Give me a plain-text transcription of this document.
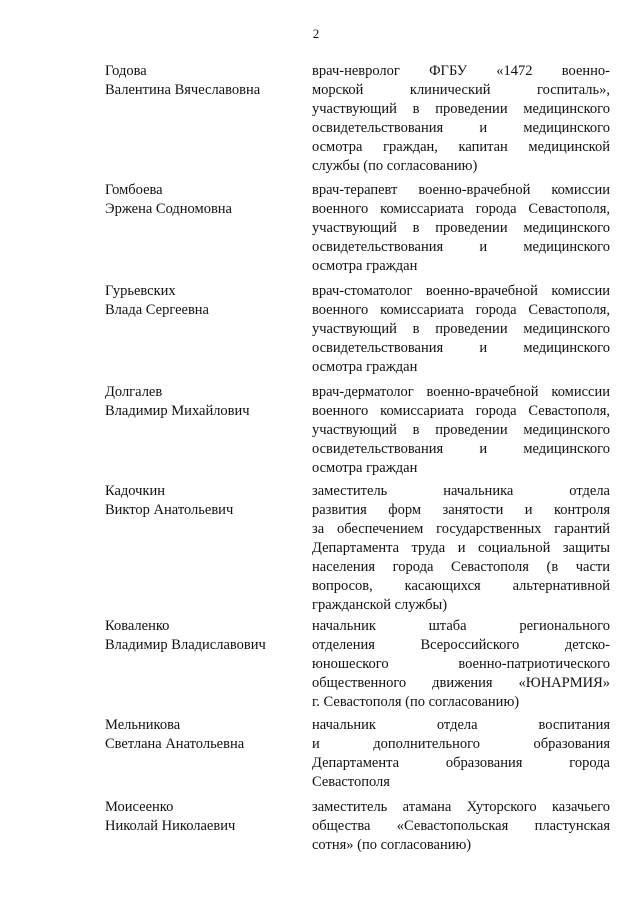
2
Годова
Валентина Вячеславовна
врач-невролог ФГБУ «1472 военно-
морской клинический госпиталь»,
участвующий в проведении медицинского
освидетельствования и медицинского
осмотра граждан, капитан медицинской
службы (по согласованию)
Гомбоева
Эржена Содномовна
врач-терапевт военно-врачебной комиссии
военного комиссариата города Севастополя,
участвующий в проведении медицинского
освидетельствования и медицинского
осмотра граждан
Гурьевских
Влада Сергеевна
врач-стоматолог военно-врачебной комиссии
военного комиссариата города Севастополя,
участвующий в проведении медицинского
освидетельствования и медицинского
осмотра граждан
Долгалев
Владимир Михайлович
врач-дерматолог военно-врачебной комиссии
военного комиссариата города Севастополя,
участвующий в проведении медицинского
освидетельствования и медицинского
осмотра граждан
Кадочкин
Виктор Анатольевич
заместитель начальника отдела
развития форм занятости и контроля
за обеспечением государственных гарантий
Департамента труда и социальной защиты
населения города Севастополя (в части
вопросов, касающихся альтернативной
гражданской службы)
Коваленко
Владимир Владиславович
начальник штаба регионального
отделения Всероссийского детско-
юношеского военно-патриотического
общественного движения «ЮНАРМИЯ»
г. Севастополя (по согласованию)
Мельникова
Светлана Анатольевна
начальник отдела воспитания
и дополнительного образования
Департамента образования города
Севастополя
Моисеенко
Николай Николаевич
заместитель атамана Хуторского казачьего
общества «Севастопольская пластунская
сотня» (по согласованию)
